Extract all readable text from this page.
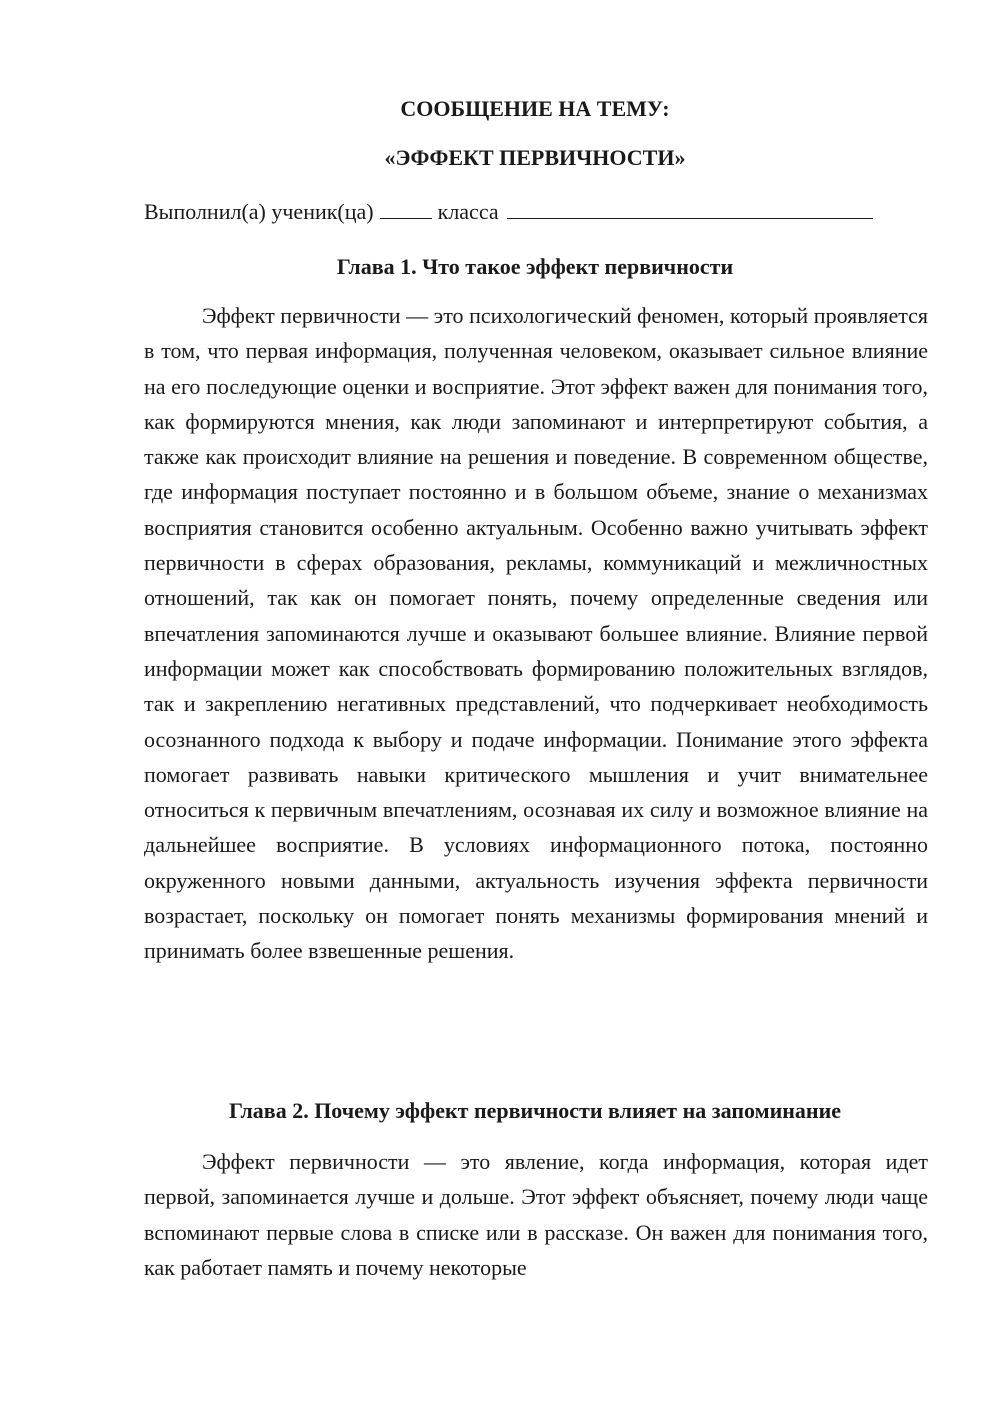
СООБЩЕНИЕ НА ТЕМУ:
«ЭФФЕКТ ПЕРВИЧНОСТИ»
Выполнил(а) ученик(ца)	класса
Глава 1. Что такое эффект первичности

Эффект первичности — это психологический феномен, который проявляется в том, что первая информация, полученная человеком, оказывает сильное влияние на его последующие оценки и восприятие. Этот эффект важен для понимания того, как формируются мнения, как люди запоминают и интерпретируют события, а также как происходит влияние на решения и поведение. В современном обществе, где информация поступает постоянно и в большом объеме, знание о механизмах восприятия становится особенно актуальным. Особенно важно учитывать эффект первичности в сферах образования, рекламы, коммуникаций и межличностных отношений, так как он помогает понять, почему определенные сведения или впечатления запоминаются лучше и оказывают большее влияние. Влияние первой информации может как способствовать формированию положительных взглядов, так и закреплению негативных представлений, что подчеркивает необходимость осознанного подхода к выбору и подаче информации. Понимание этого эффекта помогает развивать навыки критического мышления и учит внимательнее относиться к первичным впечатлениям, осознавая их силу и возможное влияние на дальнейшее восприятие. В условиях информационного потока, постоянно окруженного новыми данными, актуальность изучения эффекта первичности возрастает, поскольку он помогает понять механизмы формирования мнений и принимать более взвешенные решения.

Глава 2. Почему эффект первичности влияет на запоминание

Эффект первичности — это явление, когда информация, которая идет первой, запоминается лучше и дольше. Этот эффект объясняет, почему люди чаще вспоминают первые слова в списке или в рассказе. Он важен для понимания того, как работает память и почему некоторые
